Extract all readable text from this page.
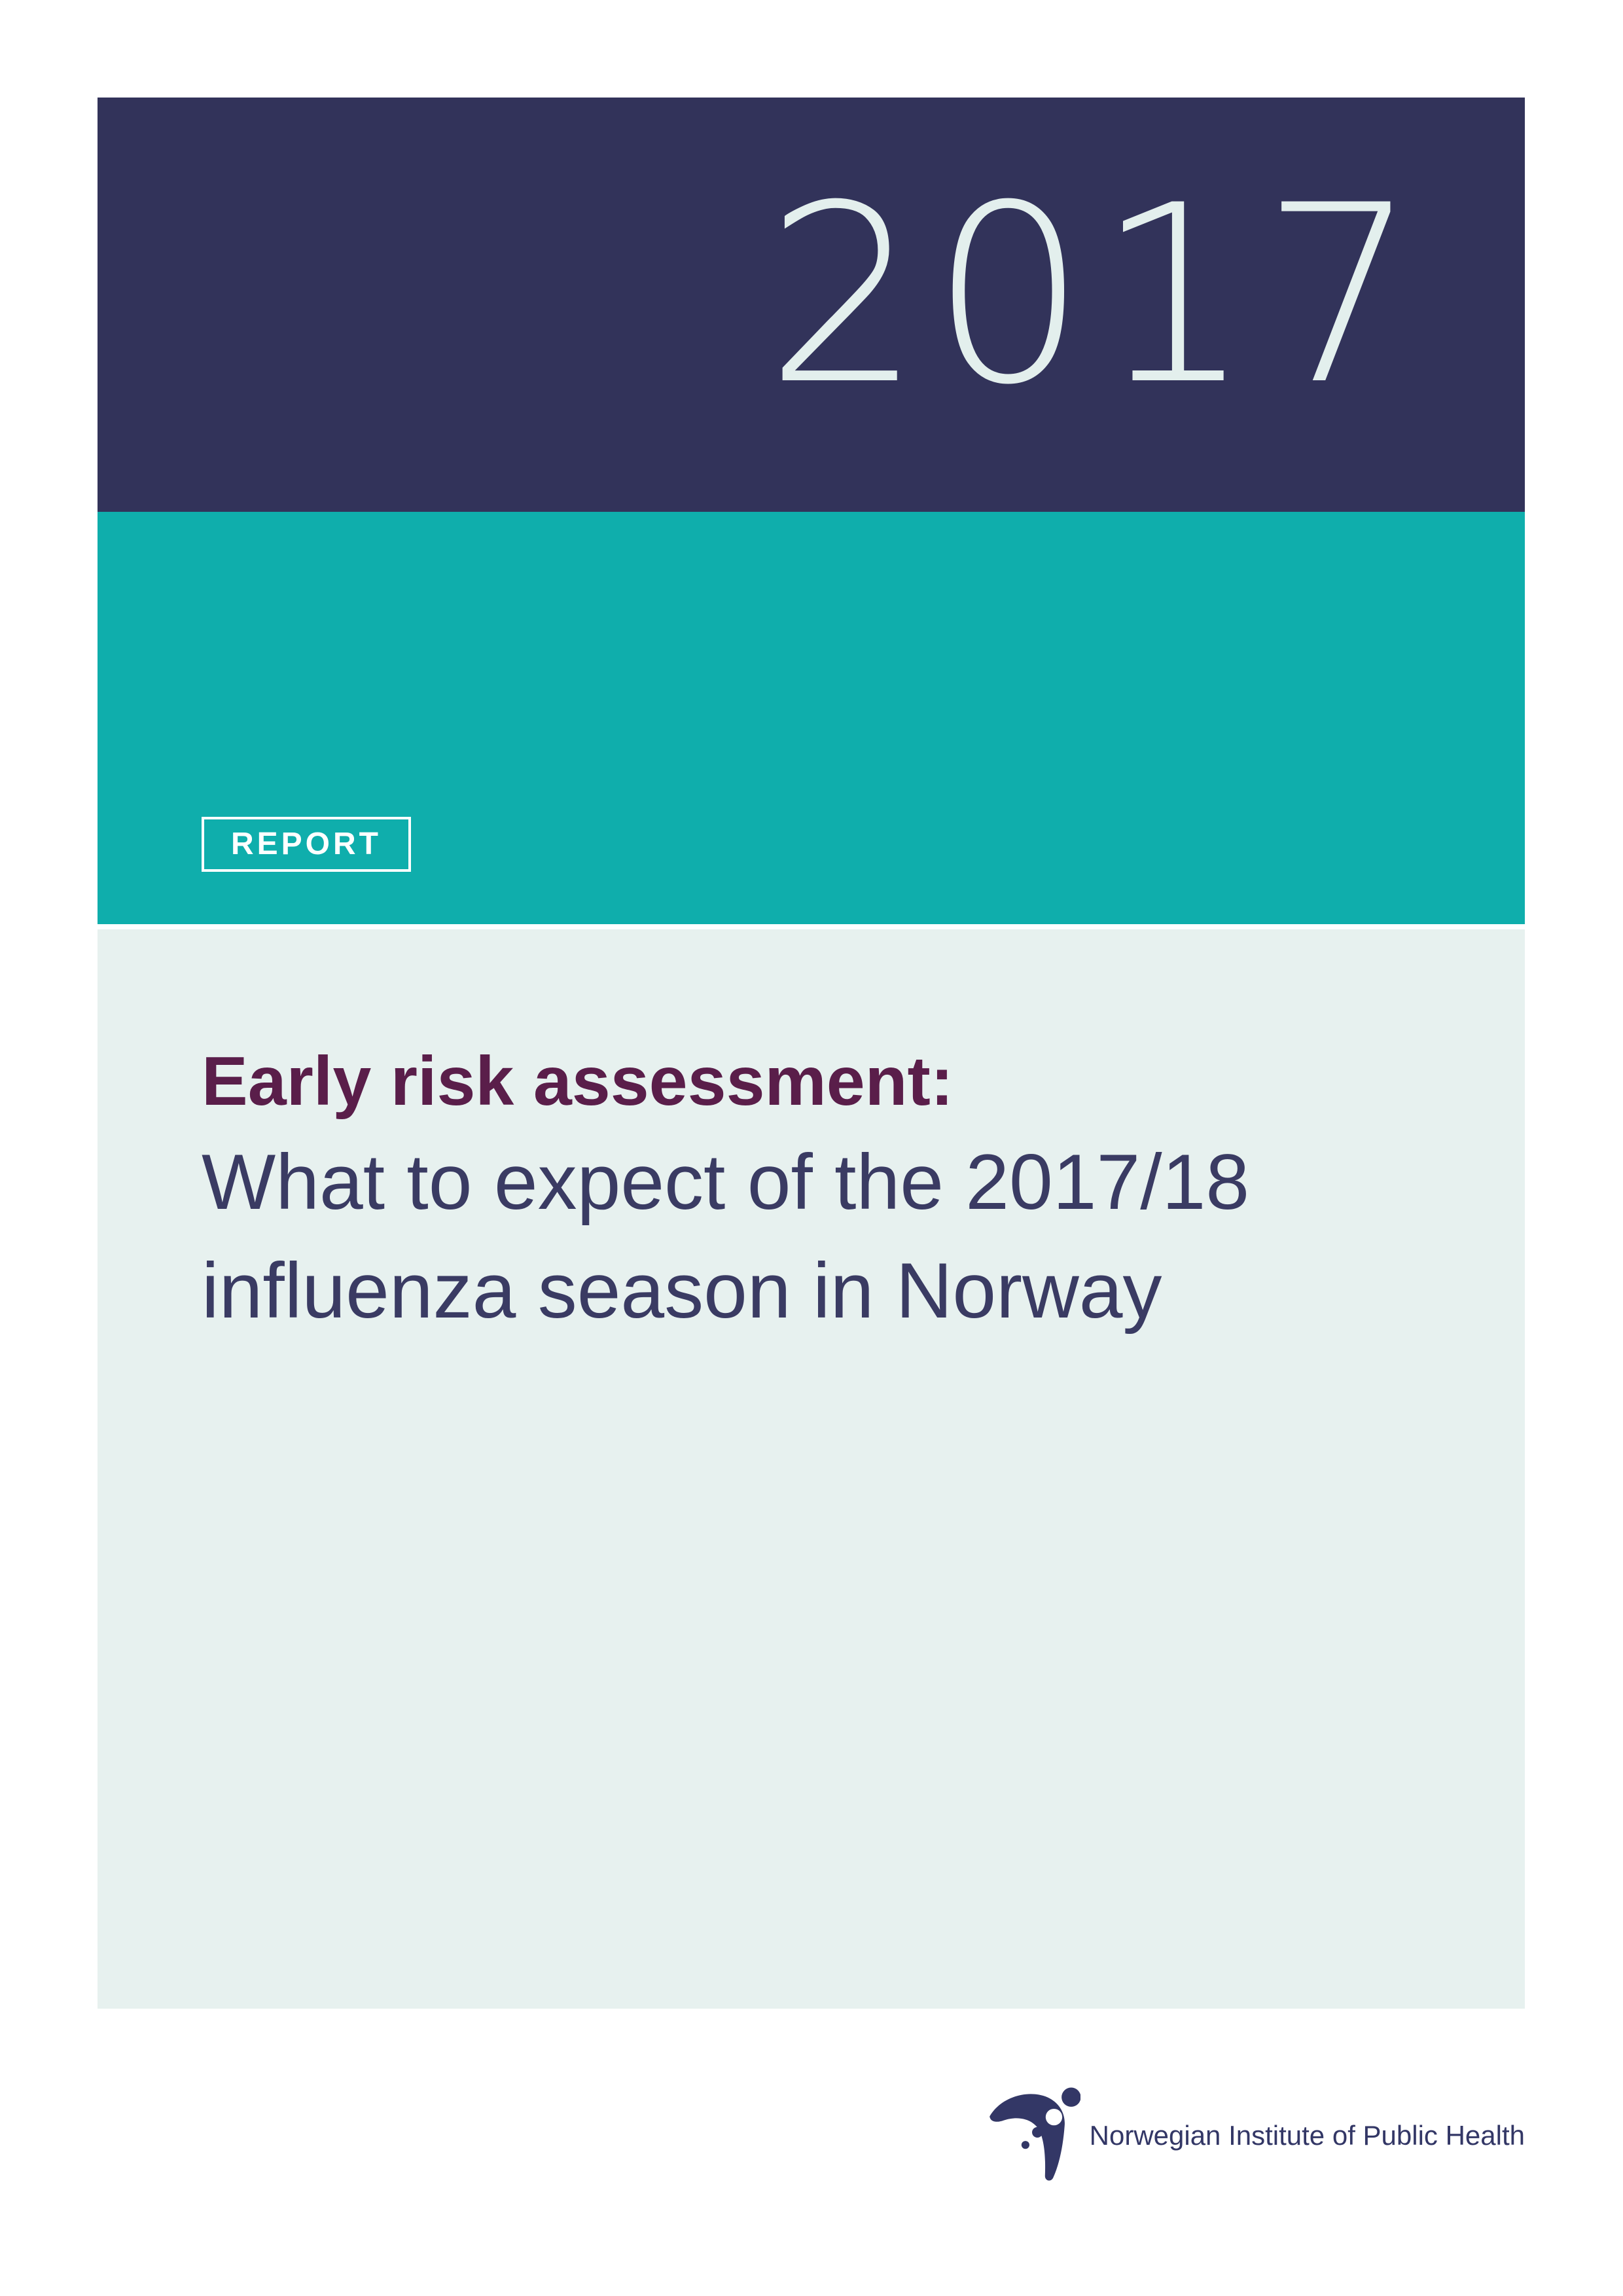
2017
REPORT
Early risk assessment:
What to expect of the 2017/18
influenza season in Norway
Norwegian Institute of Public Health
